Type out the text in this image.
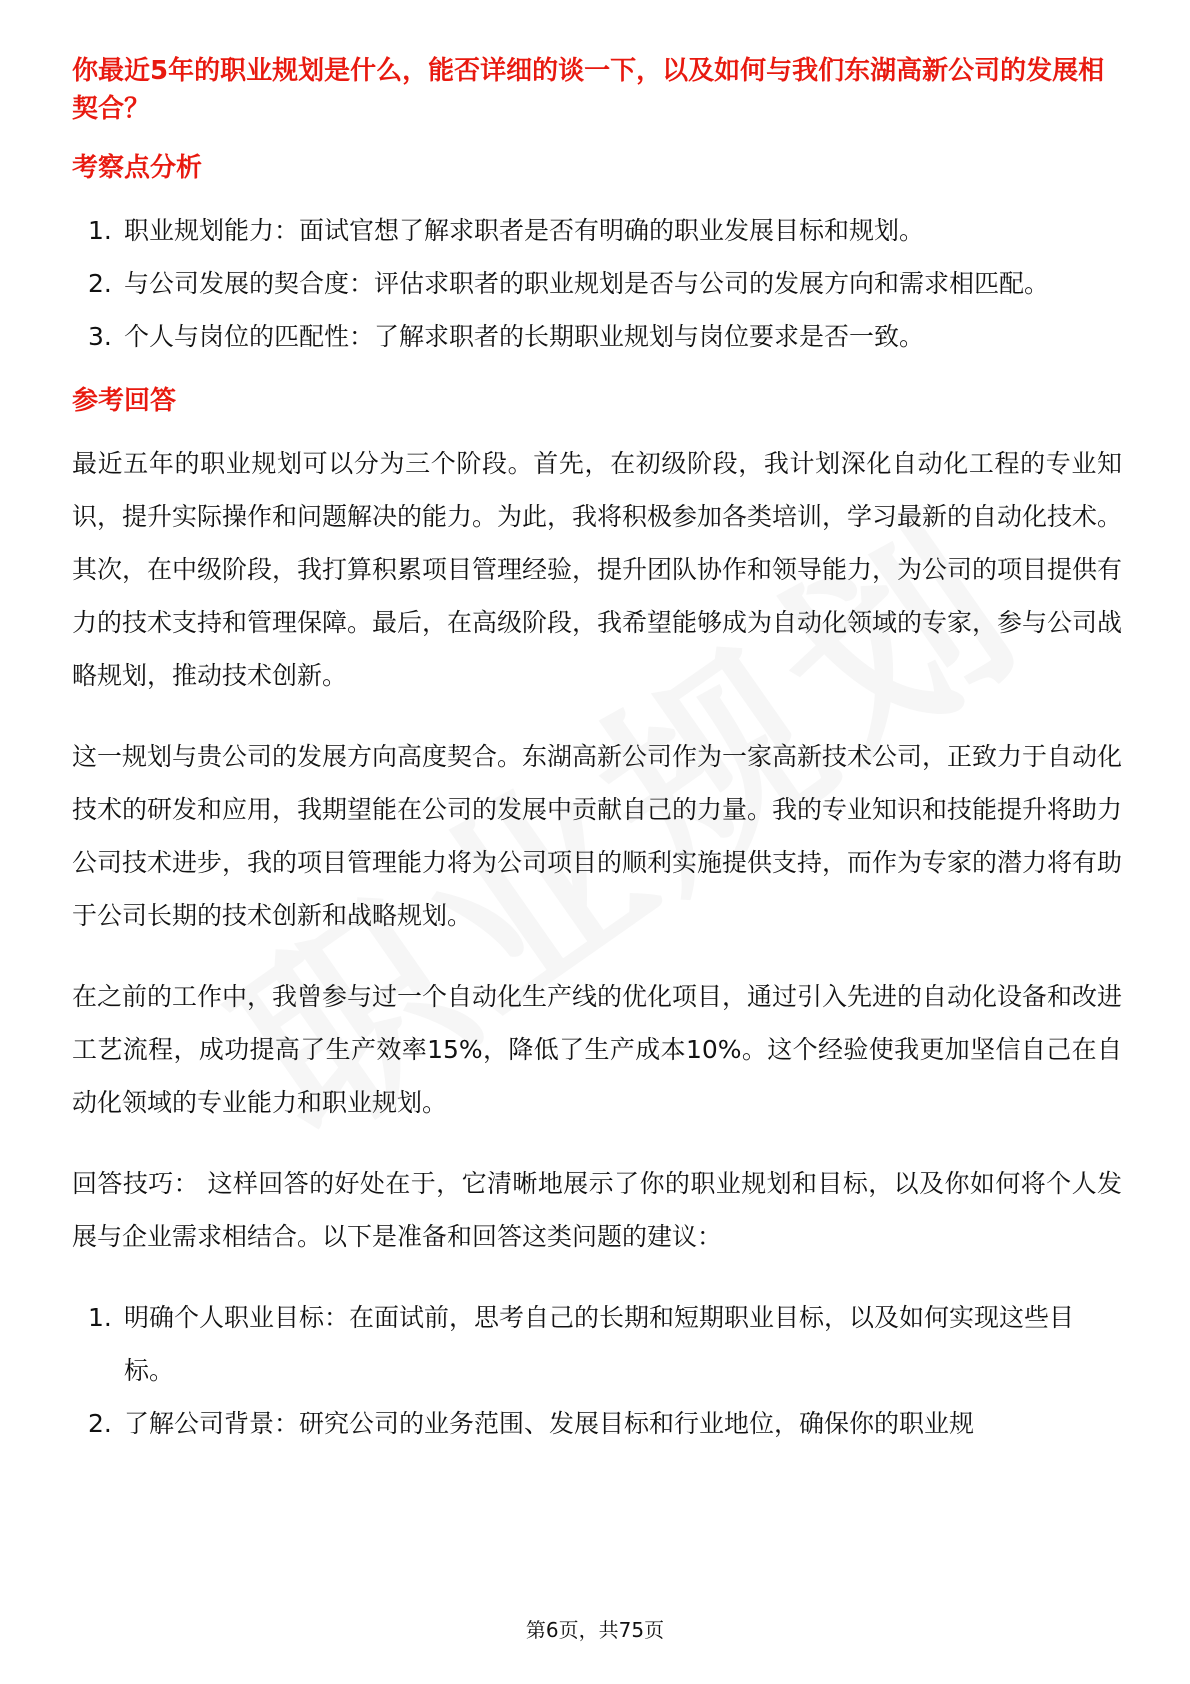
你最近5年的职业规划是什么，能否详细的谈一下，以及如何与我们东湖高新公司的发展相契合？
考察点分析
1. 职业规划能力：面试官想了解求职者是否有明确的职业发展目标和规划。
2. 与公司发展的契合度：评估求职者的职业规划是否与公司的发展方向和需求相匹配。
3. 个人与岗位的匹配性：了解求职者的长期职业规划与岗位要求是否一致。
参考回答

最近五年的职业规划可以分为三个阶段。首先，在初级阶段，我计划深化自动化工程的专业知识，提升实际操作和问题解决的能力。为此，我将积极参加各类培训，学习最新的自动化技术。其次，在中级阶段，我打算积累项目管理经验，提升团队协作和领导能力，为公司的项目提供有力的技术支持和管理保障。最后，在高级阶段，我希望能够成为自动化领域的专家，参与公司战略规划，推动技术创新。

这一规划与贵公司的发展方向高度契合。东湖高新公司作为一家高新技术公司，正致力于自动化技术的研发和应用，我期望能在公司的发展中贡献自己的力量。我的专业知识和技能提升将助力公司技术进步，我的项目管理能力将为公司项目的顺利实施提供支持，而作为专家的潜力将有助于公司长期的技术创新和战略规划。

在之前的工作中，我曾参与过一个自动化生产线的优化项目，通过引入先进的自动化设备和改进工艺流程，成功提高了生产效率15%，降低了生产成本10%。这个经验使我更加坚信自己在自动化领域的专业能力和职业规划。

回答技巧： 这样回答的好处在于，它清晰地展示了你的职业规划和目标，以及你如何将个人发展与企业需求相结合。以下是准备和回答这类问题的建议：

1. 明确个人职业目标：在面试前，思考自己的长期和短期职业目标，以及如何实现这些目标。
2. 了解公司背景：研究公司的业务范围、发展目标和行业地位，确保你的职业规
第6页，共75页
